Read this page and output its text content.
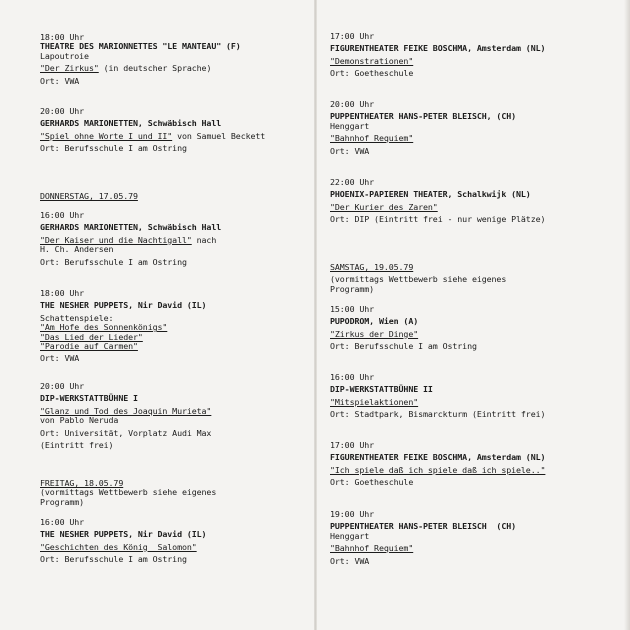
18:00 Uhr
THEATRE DES MARIONNETTES "LE MANTEAU" (F)
Lapoutroie
"Der Zirkus" (in deutscher Sprache)
Ort: VWA
20:00 Uhr
GERHARDS MARIONETTEN, Schwäbisch Hall
"Spiel ohne Worte I und II" von Samuel Beckett
Ort: Berufsschule I am Ostring
DONNERSTAG, 17.05.79
16:00 Uhr
GERHARDS MARIONETTEN, Schwäbisch Hall
"Der Kaiser und die Nachtigall" nach
H. Ch. Andersen
Ort: Berufsschule I am Ostring
18:00 Uhr
THE NESHER PUPPETS, Nir David (IL)
Schattenspiele:
"Am Hofe des Sonnenkönigs"
"Das Lied der Lieder"
"Parodie auf Carmen"
Ort: VWA
20:00 Uhr
DIP-WERKSTATTBÜHNE I
"Glanz und Tod des Joaquin Murieta"
von Pablo Neruda
Ort: Universität, Vorplatz Audi Max
(Eintritt frei)
FREITAG, 18.05.79
(vormittags Wettbewerb siehe eigenes
Programm)
16:00 Uhr
THE NESHER PUPPETS, Nir David (IL)
"Geschichten des König  Salomon"
Ort: Berufsschule I am Ostring
17:00 Uhr
FIGURENTHEATER FEIKE BOSCHMA, Amsterdam (NL)
"Demonstrationen"
Ort: Goetheschule
20:00 Uhr
PUPPENTHEATER HANS-PETER BLEISCH, (CH)
Henggart
"Bahnhof Requiem"
Ort: VWA
22:00 Uhr
PHOENIX-PAPIEREN THEATER, Schalkwijk (NL)
"Der Kurier des Zaren"
Ort: DIP (Eintritt frei - nur wenige Plätze)
SAMSTAG, 19.05.79
(vormittags Wettbewerb siehe eigenes
Programm)
15:00 Uhr
PUPODROM, Wien (A)
"Zirkus der Dinge"
Ort: Berufsschule I am Ostring
16:00 Uhr
DIP-WERKSTATTBÜHNE II
"Mitspielaktionen"
Ort: Stadtpark, Bismarckturm (Eintritt frei)
17:00 Uhr
FIGURENTHEATER FEIKE BOSCHMA, Amsterdam (NL)
"Ich spiele daß ich spiele daß ich spiele.."
Ort: Goetheschule
19:00 Uhr
PUPPENTHEATER HANS-PETER BLEISCH  (CH)
Henggart
"Bahnhof Requiem"
Ort: VWA
